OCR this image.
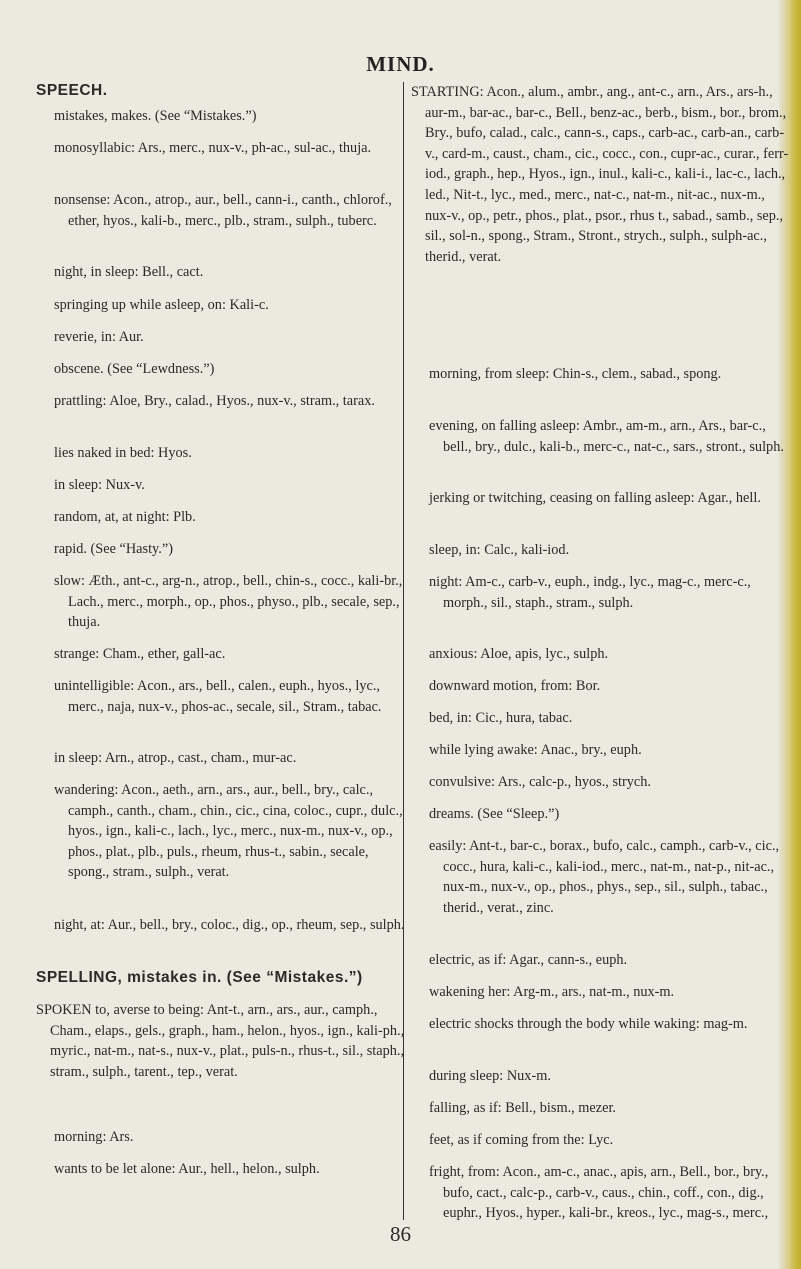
MIND.
SPEECH.

mistakes, makes. (See “Mistakes.”)

monosyllabic: Ars., merc., nux-v., ph-ac., sul-ac., thuja.

nonsense: Acon., atrop., aur., bell., cann-i., canth., chlorof., ether, hyos., kali-b., merc., plb., stram., sulph., tuberc.

night, in sleep: Bell., cact.

springing up while asleep, on: Kali-c.

reverie, in: Aur.

obscene. (See “Lewdness.”)

prattling: Aloe, Bry., calad., Hyos., nux-v., stram., tarax.

lies naked in bed: Hyos.

in sleep: Nux-v.

random, at, at night: Plb.

rapid. (See “Hasty.”)

slow: Æth., ant-c., arg-n., atrop., bell., chin-s., cocc., kali-br., Lach., merc., morph., op., phos., physo., plb., secale, sep., thuja.

strange: Cham., ether, gall-ac.

unintelligible: Acon., ars., bell., calen., euph., hyos., lyc., merc., naja, nux-v., phos-ac., secale, sil., Stram., tabac.

in sleep: Arn., atrop., cast., cham., mur-ac.

wandering: Acon., aeth., arn., ars., aur., bell., bry., calc., camph., canth., cham., chin., cic., cina, coloc., cupr., dulc., hyos., ign., kali-c., lach., lyc., merc., nux-m., nux-v., op., phos., plat., plb., puls., rheum, rhus-t., sabin., secale, spong., stram., sulph., verat.

night, at: Aur., bell., bry., coloc., dig., op., rheum, sep., sulph.

SPELLING, mistakes in. (See “Mistakes.”)

SPOKEN to, averse to being: Ant-t., arn., ars., aur., camph., Cham., elaps., gels., graph., ham., helon., hyos., ign., kali-ph., myric., nat-m., nat-s., nux-v., plat., puls-n., rhus-t., sil., staph., stram., sulph., tarent., tep., verat.

morning: Ars.

wants to be let alone: Aur., hell., helon., sulph.

STARTING: Acon., alum., ambr., ang., ant-c., arn., Ars., ars-h., aur-m., bar-ac., bar-c., Bell., benz-ac., berb., bism., bor., brom., Bry., bufo, calad., calc., cann-s., caps., carb-ac., carb-an., carb-v., card-m., caust., cham., cic., cocc., con., cupr-ac., curar., ferr-iod., graph., hep., Hyos., ign., inul., kali-c., kali-i., lac-c., lach., led., Nit-t., lyc., med., merc., nat-c., nat-m., nit-ac., nux-m., nux-v., op., petr., phos., plat., psor., rhus t., sabad., samb., sep., sil., sol-n., spong., Stram., Stront., strych., sulph., sulph-ac., therid., verat.

morning, from sleep: Chin-s., clem., sabad., spong.

evening, on falling asleep: Ambr., am-m., arn., Ars., bar-c., bell., bry., dulc., kali-b., merc-c., nat-c., sars., stront., sulph.

jerking or twitching, ceasing on falling asleep: Agar., hell.

sleep, in: Calc., kali-iod.

night: Am-c., carb-v., euph., indg., lyc., mag-c., merc-c., morph., sil., staph., stram., sulph.

anxious: Aloe, apis, lyc., sulph.

downward motion, from: Bor.

bed, in: Cic., hura, tabac.

while lying awake: Anac., bry., euph.

convulsive: Ars., calc-p., hyos., strych.

dreams. (See “Sleep.”)

easily: Ant-t., bar-c., borax., bufo, calc., camph., carb-v., cic., cocc., hura, kali-c., kali-iod., merc., nat-m., nat-p., nit-ac., nux-m., nux-v., op., phos., phys., sep., sil., sulph., tabac., therid., verat., zinc.

electric, as if: Agar., cann-s., euph.

wakening her: Arg-m., ars., nat-m., nux-m.

electric shocks through the body while waking: mag-m.

during sleep: Nux-m.

falling, as if: Bell., bism., mezer.

feet, as if coming from the: Lyc.

fright, from: Acon., am-c., anac., apis, arn., Bell., bor., bry., bufo, cact., calc-p., carb-v., caus., chin., coff., con., dig., euphr., Hyos., hyper., kali-br., kreos., lyc., mag-s., merc.,

86
